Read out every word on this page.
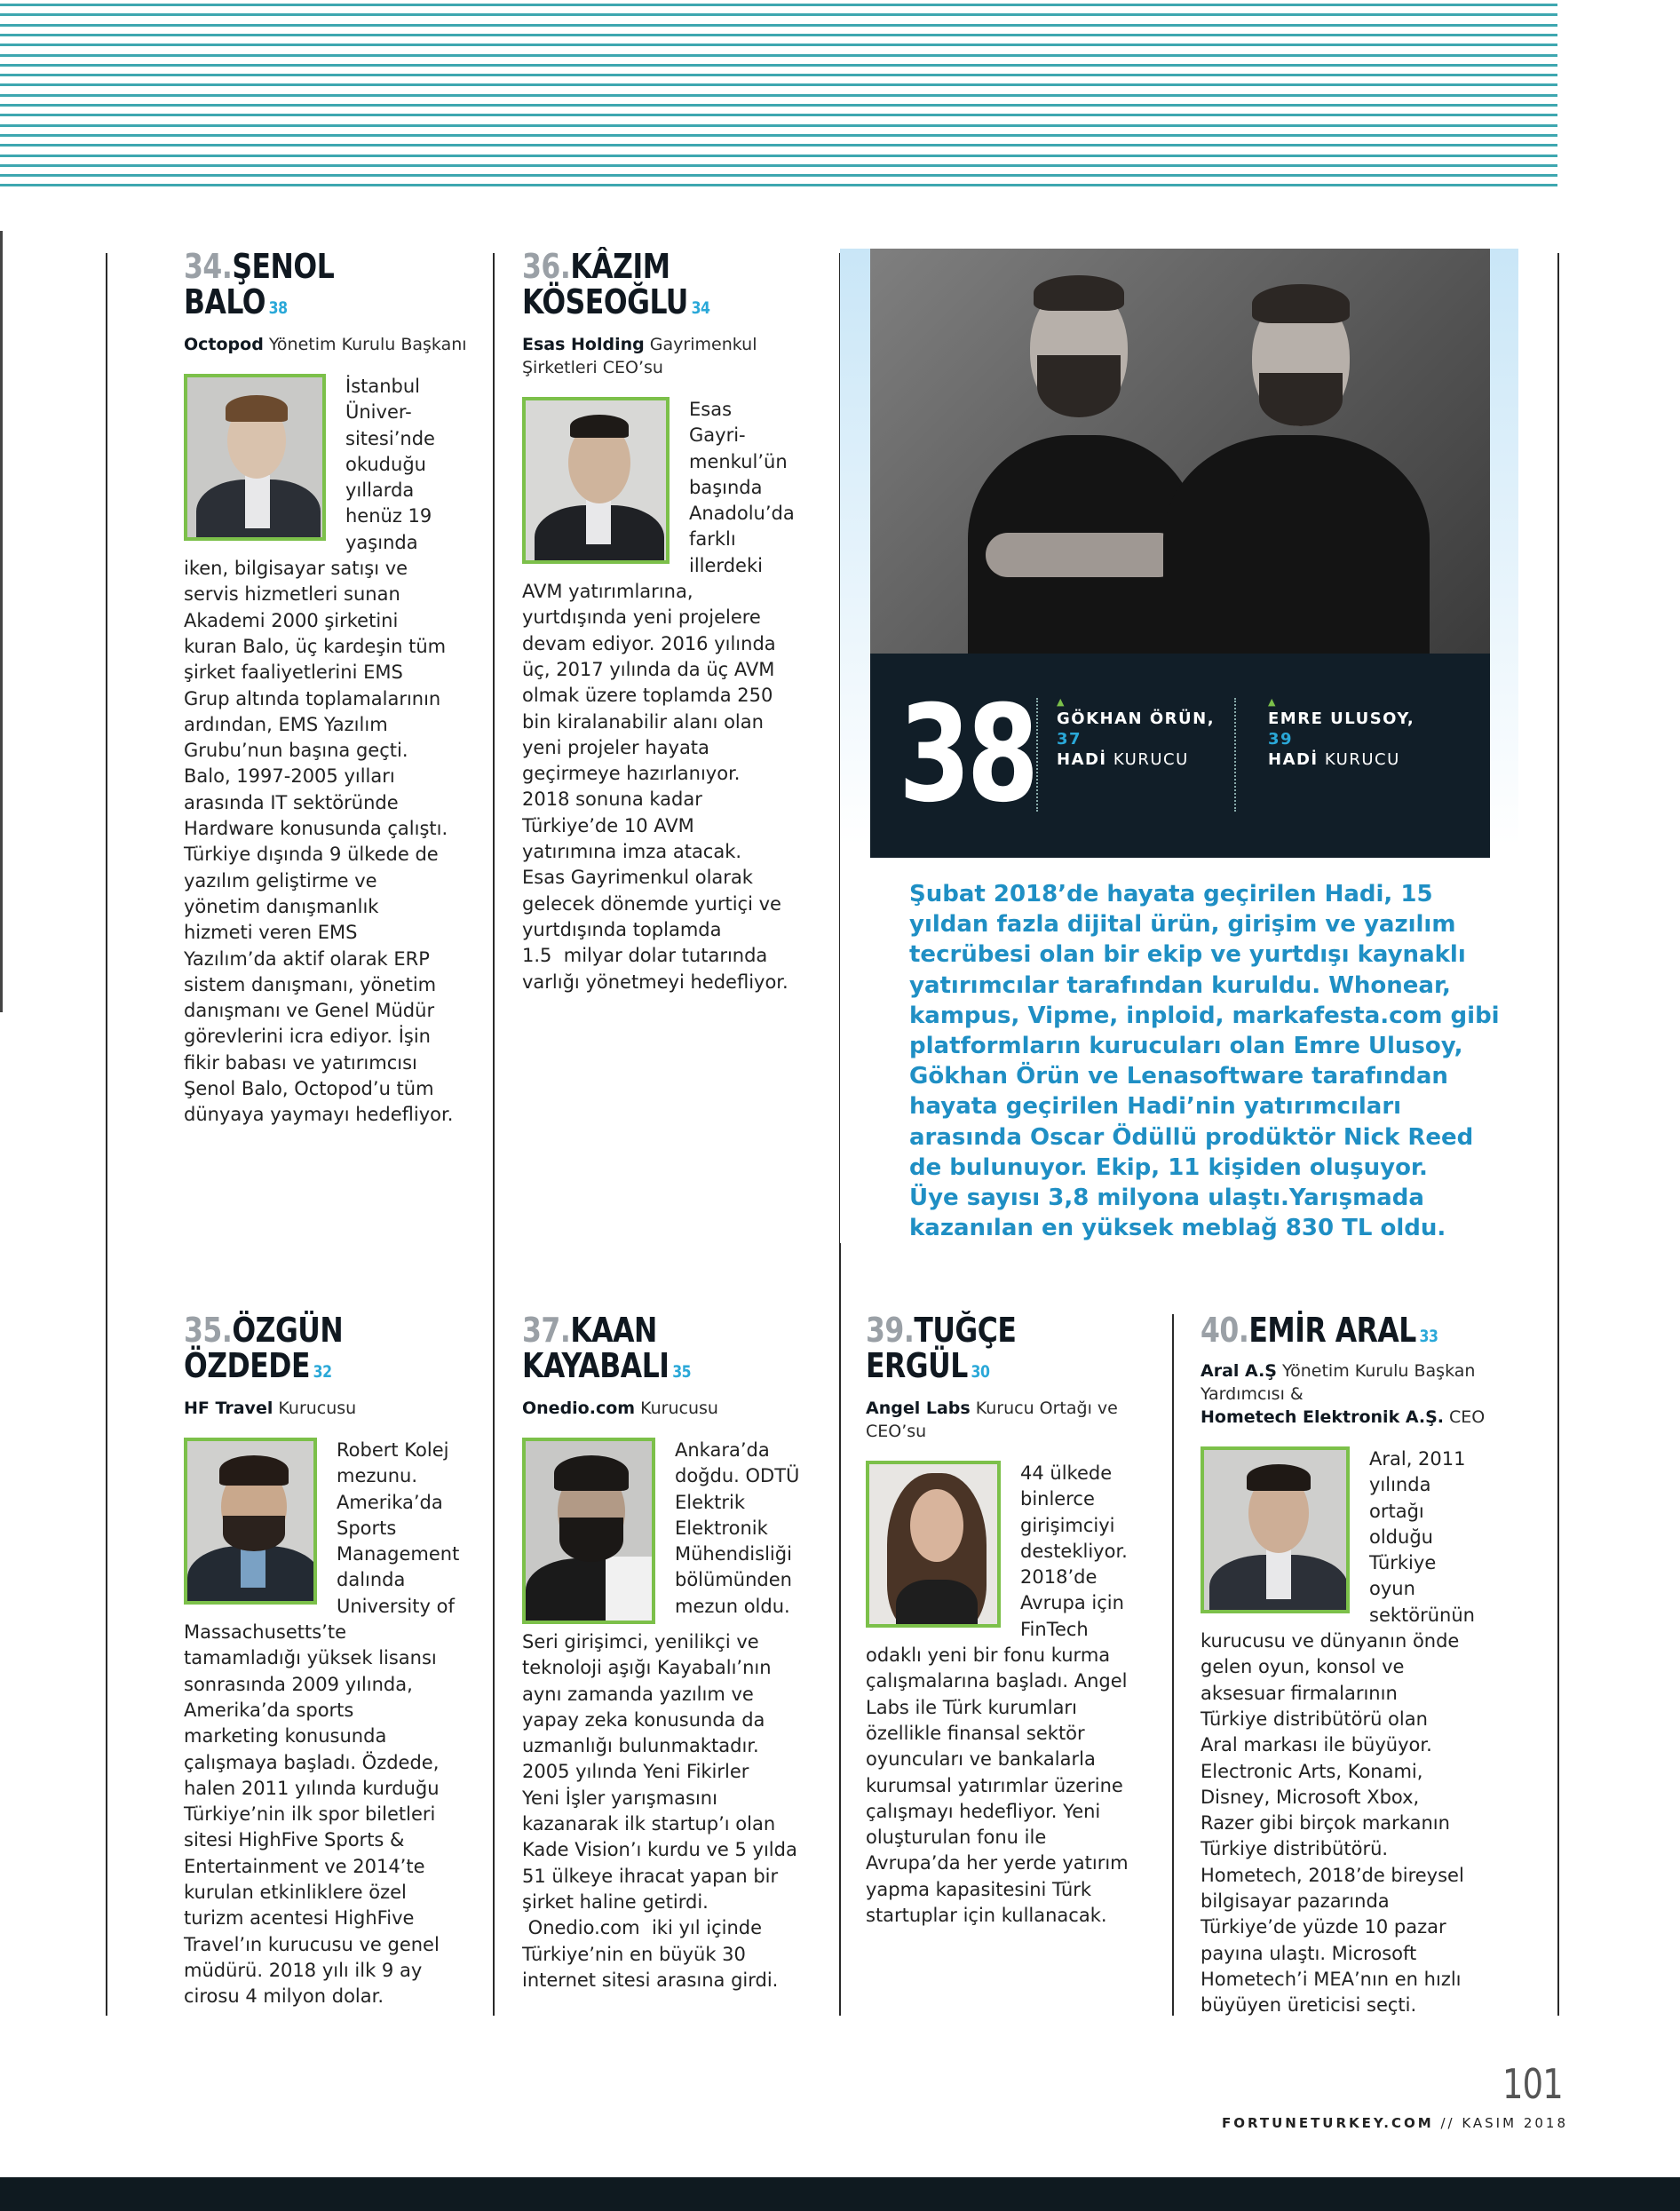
34.ŞENOL
BALO 38
Octopod Yönetim Kurulu Başkanı
İstanbul
Üniver-
sitesi’nde
okuduğu
yıllarda
henüz 19
yaşında
iken, bilgisayar satışı ve
servis hizmetleri sunan
Akademi 2000 şirketini
kuran Balo, üç kardeşin tüm
şirket faaliyetlerini EMS
Grup altında toplamalarının
ardından, EMS Yazılım
Grubu’nun başına geçti.
Balo, 1997-2005 yılları
arasında IT sektöründe
Hardware konusunda çalıştı.
Türkiye dışında 9 ülkede de
yazılım geliştirme ve
yönetim danışmanlık
hizmeti veren EMS
Yazılım’da aktif olarak ERP
sistem danışmanı, yönetim
danışmanı ve Genel Müdür
görevlerini icra ediyor. İşin
fikir babası ve yatırımcısı
Şenol Balo, Octopod’u tüm
dünyaya yaymayı hedefliyor.
36.KÂZIM
KÖSEOĞLU 34
Esas Holding Gayrimenkul Şirketleri CEO’su
Esas
Gayri-
menkul’ün
başında
Anadolu’da
farklı
illerdeki
AVM yatırımlarına,
yurtdışında yeni projelere
devam ediyor. 2016 yılında
üç, 2017 yılında da üç AVM
olmak üzere toplamda 250
bin kiralanabilir alanı olan
yeni projeler hayata
geçirmeye hazırlanıyor.
2018 sonuna kadar
Türkiye’de 10 AVM
yatırımına imza atacak.
Esas Gayrimenkul olarak
gelecek dönemde yurtiçi ve
yurtdışında toplamda
1.5  milyar dolar tutarında
varlığı yönetmeyi hedefliyor.
38 ▲
GÖKHAN ÖRÜN,
37
HADİ KURUCU
▲
EMRE ULUSOY,
39
HADİ KURUCU
Şubat 2018’de hayata geçirilen Hadi, 15
yıldan fazla dijital ürün, girişim ve yazılım
tecrübesi olan bir ekip ve yurtdışı kaynaklı
yatırımcılar tarafından kuruldu. Whonear,
kampus, Vipme, inploid, markafesta.com gibi
platformların kurucuları olan Emre Ulusoy,
Gökhan Örün ve Lenasoftware tarafından
hayata geçirilen Hadi’nin yatırımcıları
arasında Oscar Ödüllü prodüktör Nick Reed
de bulunuyor. Ekip, 11 kişiden oluşuyor.
Üye sayısı 3,8 milyona ulaştı.Yarışmada
kazanılan en yüksek meblağ 830 TL oldu.
35.ÖZGÜN
ÖZDEDE 32
HF Travel Kurucusu
Robert Kolej
mezunu.
Amerika’da
Sports
Management
dalında
University of
Massachusetts’te
tamamladığı yüksek lisansı
sonrasında 2009 yılında,
Amerika’da sports
marketing konusunda
çalışmaya başladı. Özdede,
halen 2011 yılında kurduğu
Türkiye’nin ilk spor biletleri
sitesi HighFive Sports &
Entertainment ve 2014’te
kurulan etkinliklere özel
turizm acentesi HighFive
Travel’ın kurucusu ve genel
müdürü. 2018 yılı ilk 9 ay
cirosu 4 milyon dolar.
37.KAAN
KAYABALI 35
Onedio.com Kurucusu
Ankara’da
doğdu. ODTÜ
Elektrik
Elektronik
Mühendisliği
bölümünden
mezun oldu.
Seri girişimci, yenilikçi ve
teknoloji aşığı Kayabalı’nın
aynı zamanda yazılım ve
yapay zeka konusunda da
uzmanlığı bulunmaktadır.
2005 yılında Yeni Fikirler
Yeni İşler yarışmasını
kazanarak ilk startup’ı olan
Kade Vision’ı kurdu ve 5 yılda
51 ülkeye ihracat yapan bir
şirket haline getirdi.
Onedio.com  iki yıl içinde
Türkiye’nin en büyük 30
internet sitesi arasına girdi.
39.TUĞÇE
ERGÜL 30
Angel Labs Kurucu Ortağı ve CEO’su
44 ülkede
binlerce
girişimciyi
destekliyor.
2018’de
Avrupa için
FinTech
odaklı yeni bir fonu kurma
çalışmalarına başladı. Angel
Labs ile Türk kurumları
özellikle finansal sektör
oyuncuları ve bankalarla
kurumsal yatırımlar üzerine
çalışmayı hedefliyor. Yeni
oluşturulan fonu ile
Avrupa’da her yerde yatırım
yapma kapasitesini Türk
startuplar için kullanacak.
40.EMİR ARAL 33
Aral A.Ş Yönetim Kurulu Başkan Yardımcısı &
Hometech Elektronik A.Ş. CEO
Aral, 2011
yılında
ortağı
olduğu
Türkiye
oyun
sektörünün
kurucusu ve dünyanın önde
gelen oyun, konsol ve
aksesuar firmalarının
Türkiye distribütörü olan
Aral markası ile büyüyor.
Electronic Arts, Konami,
Disney, Microsoft Xbox,
Razer gibi birçok markanın
Türkiye distribütörü.
Hometech, 2018’de bireysel
bilgisayar pazarında
Türkiye’de yüzde 10 pazar
payına ulaştı. Microsoft
Hometech’i MEA’nın en hızlı
büyüyen üreticisi seçti.
101
FORTUNETURKEY.COM // KASIM 2018
